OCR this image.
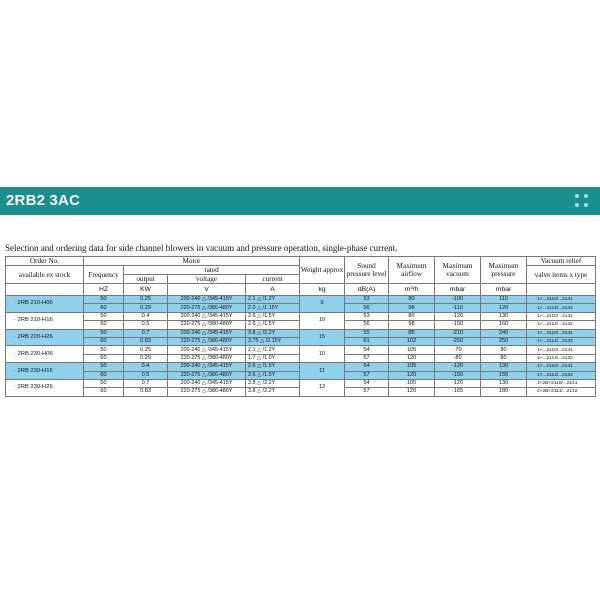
2RB2 3AC
Selection and ordering data for side channel blowers in vacuum and pressure operation, single-phase current.
Order No.	Motor				Weight approx	Sound pressure level	Maximum airflow	Maximum vacuum	Maximum pressure	Vacuum relief
available ex stock	Frequency	rated								valve items x type
		output	voltage	current						
	HZ	KW	V	A	kg	dB(A)	m³/h	mbar	mbar	
· 2RB 210-H06	50	0.25	200-240 △ /345-415Y	2.1 △ /1.2Y	9	53	80	-100	110	1×...2110/...2141
	60	0.29	220-275 △ /380-480Y	2.0 △ /1.15Y		56	98	-110	120	1×...2114/...2142
· 2RB 210-H16	50	0.4	200-240 △ /345-415Y	2.6 △ /1.5Y	10	53	80	-120	130	1×...2110/...2141
	60	0.5	220-275 △ /380-480Y	2.6 △ /1.5Y		56	98	-150	160	1×...2114/...2142
· 2RB 220-H26	50	0.7	200-240 △ /345-415Y	3.8 △ /2.2Y	15	55	85	-210	240	1×...2110/...2141
	60	0.83	220-275 △ /380-480Y	3.75 △ /2.15Y		61	102	-250	250	1×...2114/...2142
· 2RB 230-H06	50	0.25	200-240 △ /345-415Y	2.1 △ /1.2Y	10	54	105	-70	80	1×...2110/...2141
	60	0.29	220-275 △ /380-480Y	1.7 △ /1.0Y		57	120	-80	80	1×...2114/...2142
· 2RB 230-H16	50	0.4	200-240 △ /345-415Y	2.6 △ /1.5Y	11	54	105	-120	130	1×...2110/...2141
	60	0.5	220-275 △ /380-480Y	2.6 △ /1.5Y		57	120	-150	155	1×...2114/...2142
· 2RB 230-H26	50	0.7	200-240 △ /345-415Y	3.8 △ /2.2Y	12	54	105	-120	130	1×2B×2110/...2141
	60	0.83	220-275 △ /380-480Y	3.8 △ /2.2Y		57	120	-165	180	2×2B×2114/...2142
